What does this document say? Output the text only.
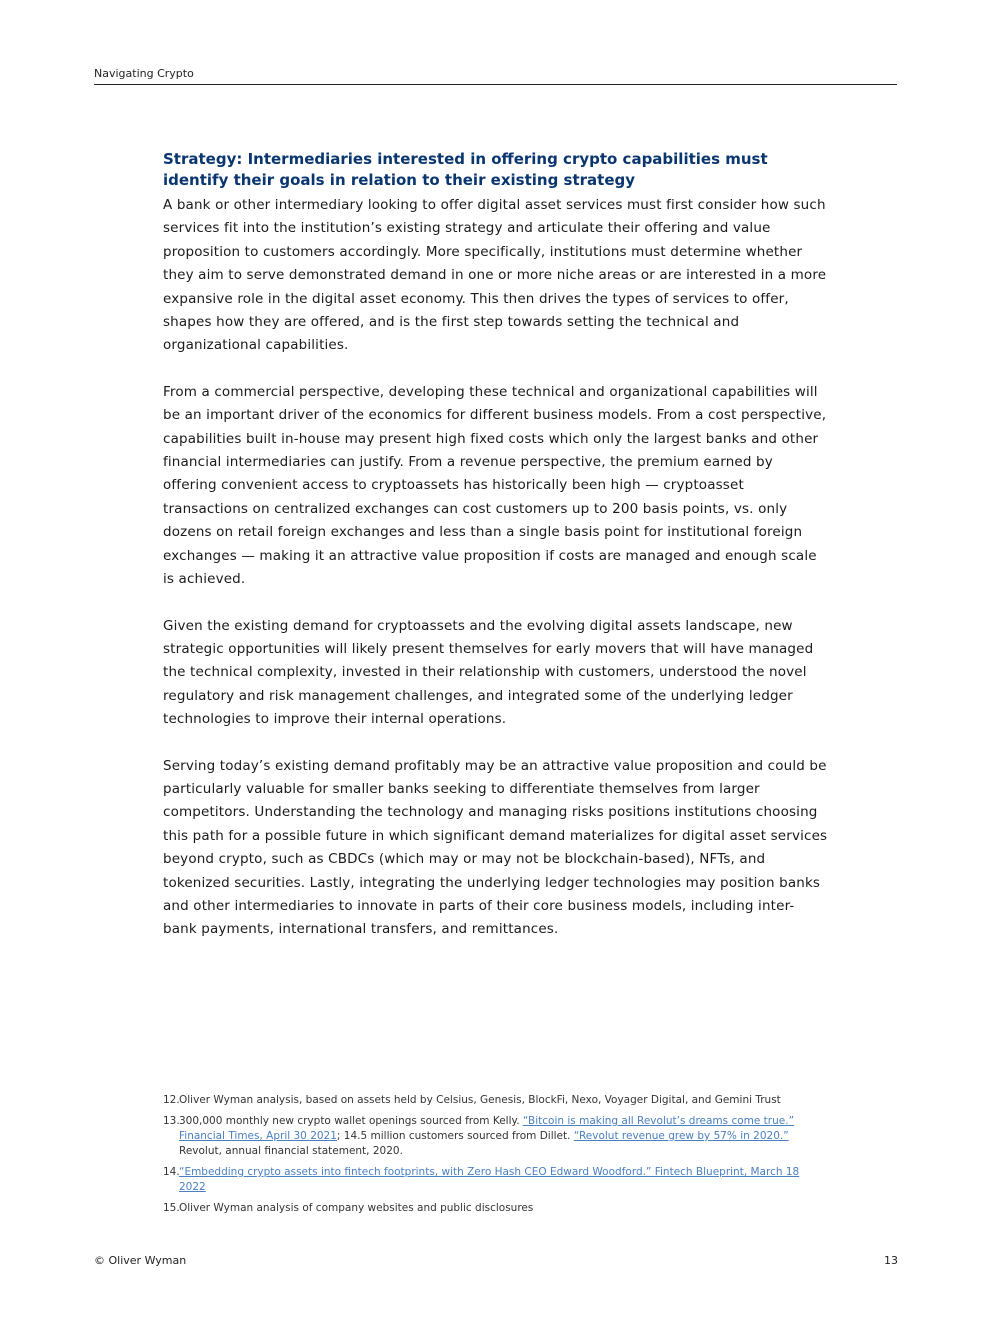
Navigating Crypto
Strategy: Intermediaries interested in offering crypto capabilities must identify their goals in relation to their existing strategy

A bank or other intermediary looking to offer digital asset services must first consider how such services fit into the institution’s existing strategy and articulate their offering and value proposition to customers accordingly. More specifically, institutions must determine whether they aim to serve demonstrated demand in one or more niche areas or are interested in a more expansive role in the digital asset economy. This then drives the types of services to offer, shapes how they are offered, and is the first step towards setting the technical and organizational capabilities.

From a commercial perspective, developing these technical and organizational capabilities will be an important driver of the economics for different business models. From a cost perspective, capabilities built in-house may present high fixed costs which only the largest banks and other financial intermediaries can justify. From a revenue perspective, the premium earned by offering convenient access to cryptoassets has historically been high — cryptoasset transactions on centralized exchanges can cost customers up to 200 basis points, vs. only dozens on retail foreign exchanges and less than a single basis point for institutional foreign exchanges — making it an attractive value proposition if costs are managed and enough scale is achieved.

Given the existing demand for cryptoassets and the evolving digital assets landscape, new strategic opportunities will likely present themselves for early movers that will have managed the technical complexity, invested in their relationship with customers, understood the novel regulatory and risk management challenges, and integrated some of the underlying ledger technologies to improve their internal operations.

Serving today’s existing demand profitably may be an attractive value proposition and could be particularly valuable for smaller banks seeking to differentiate themselves from larger competitors. Understanding the technology and managing risks positions institutions choosing this path for a possible future in which significant demand materializes for digital asset services beyond crypto, such as CBDCs (which may or may not be blockchain-based), NFTs, and tokenized securities. Lastly, integrating the underlying ledger technologies may position banks and other intermediaries to innovate in parts of their core business models, including inter-bank payments, international transfers, and remittances.

12. Oliver Wyman analysis, based on assets held by Celsius, Genesis, BlockFi, Nexo, Voyager Digital, and Gemini Trust
13. 300,000 monthly new crypto wallet openings sourced from Kelly. “Bitcoin is making all Revolut’s dreams come true.” Financial Times, April 30 2021; 14.5 million customers sourced from Dillet. “Revolut revenue grew by 57% in 2020.” Revolut, annual financial statement, 2020.
14. “Embedding crypto assets into fintech footprints, with Zero Hash CEO Edward Woodford.” Fintech Blueprint, March 18 2022
15. Oliver Wyman analysis of company websites and public disclosures
© Oliver Wyman	13
